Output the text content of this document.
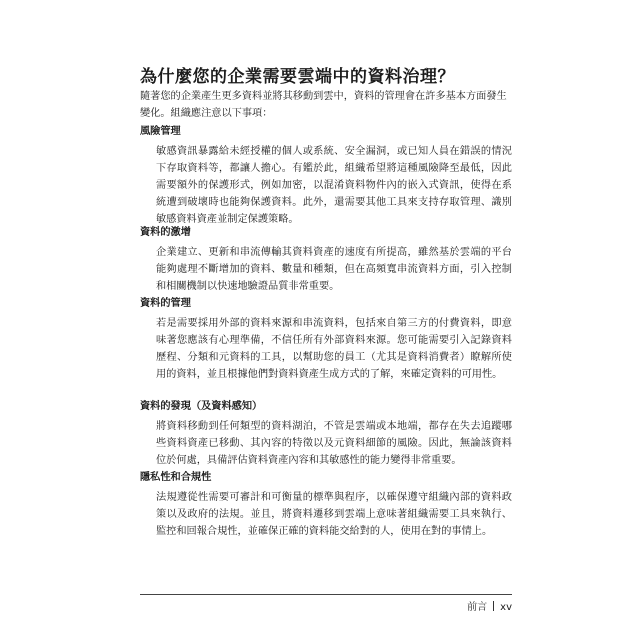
為什麼您的企業需要雲端中的資料治理？

隨著您的企業產生更多資料並將其移動到雲中，資料的管理會在許多基本方面發生變化。組織應注意以下事項：

風險管理

敏感資訊暴露給未經授權的個人或系統、安全漏洞，或已知人員在錯誤的情況下存取資料等，都讓人擔心。有鑑於此，組織希望將這種風險降至最低，因此需要額外的保護形式，例如加密，以混淆資料物件內的嵌入式資訊，使得在系統遭到破壞時也能夠保護資料。此外，還需要其他工具來支持存取管理、識別敏感資料資產並制定保護策略。

資料的激增

企業建立、更新和串流傳輸其資料資產的速度有所提高，雖然基於雲端的平台能夠處理不斷增加的資料、數量和種類，但在高頻寬串流資料方面，引入控制和相關機制以快速地驗證品質非常重要。

資料的管理

若是需要採用外部的資料來源和串流資料，包括來自第三方的付費資料，即意味著您應該有心理準備，不信任所有外部資料來源。您可能需要引入記錄資料歷程、分類和元資料的工具，以幫助您的員工（尤其是資料消費者）瞭解所使用的資料，並且根據他們對資料資產生成方式的了解，來確定資料的可用性。

資料的發現（及資料感知）

將資料移動到任何類型的資料湖泊，不管是雲端或本地端，都存在失去追蹤哪些資料資產已移動、其內容的特徵以及元資料細節的風險。因此，無論該資料位於何處，具備評估資料資產內容和其敏感性的能力變得非常重要。

隱私性和合規性

法規遵從性需要可審計和可衡量的標準與程序，以確保遵守組織內部的資料政策以及政府的法規。並且，將資料遷移到雲端上意味著組織需要工具來執行、監控和回報合規性，並確保正確的資料能交給對的人，使用在對的事情上。

前言 xv
